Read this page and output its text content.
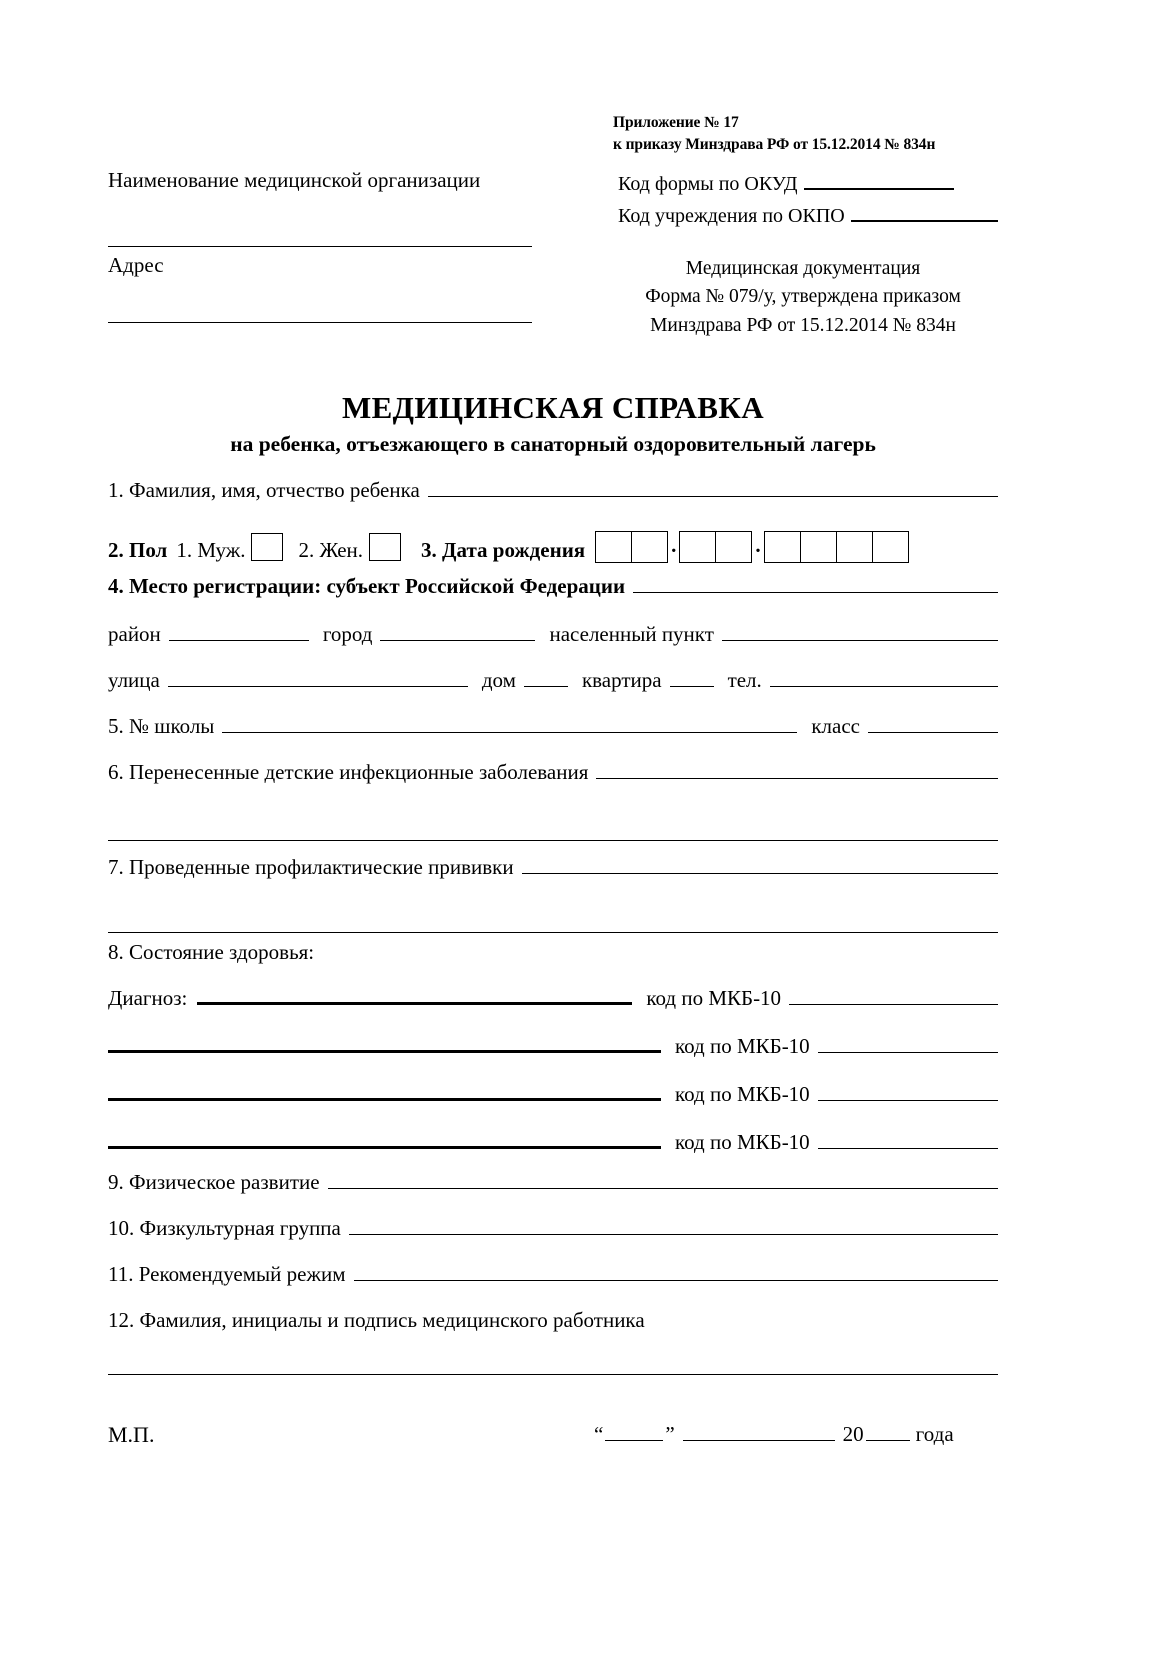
Приложение № 17
к приказу Минздрава РФ от 15.12.2014 № 834н
Наименование медицинской организации	Код формы по ОКУД
Код учреждения по ОКПО
Адрес	Медицинская документация
Форма № 079/у, утверждена приказом
Минздрава РФ от 15.12.2014 № 834н
МЕДИЦИНСКАЯ СПРАВКА
на ребенка, отъезжающего в санаторный оздоровительный лагерь
1. Фамилия, имя, отчество ребенка
2. Пол 1. Муж.	2. Жен.	3. Дата рождения	.	.
4. Место регистрации: субъект Российской Федерации
район	город	населенный пункт
улица	дом	квартира	тел.
5. № школы	класс
6. Перенесенные детские инфекционные заболевания
7. Проведенные профилактические прививки
8. Состояние здоровья:
Диагноз:	код по МКБ-10
код по МКБ-10
код по МКБ-10
код по МКБ-10
9. Физическое развитие
10. Физкультурная группа
11. Рекомендуемый режим
12. Фамилия, инициалы и подпись медицинского работника
М.П.	“	”	20 года
